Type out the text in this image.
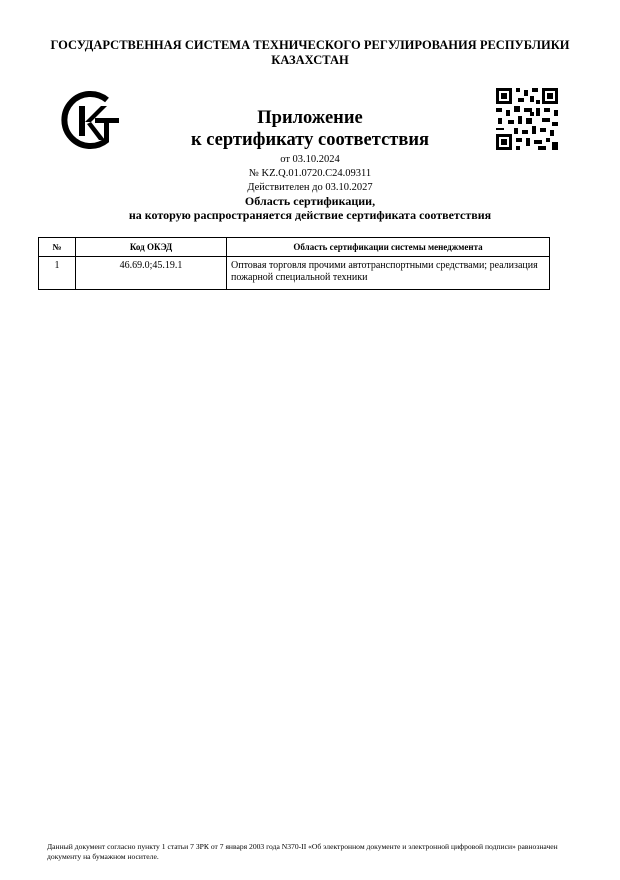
ГОСУДАРСТВЕННАЯ СИСТЕМА ТЕХНИЧЕСКОГО РЕГУЛИРОВАНИЯ РЕСПУБЛИКИ
КАЗАХСТАН
Приложение
к сертификату соответствия
от 03.10.2024
№ KZ.Q.01.0720.C24.09311
Действителен до 03.10.2027
Область сертификации,
на которую распространяется действие сертификата соответствия
№	Код ОКЭД	Область сертификации системы менеджмента
1	46.69.0;45.19.1	Оптовая торговля прочими автотранспортными средствами; реализация пожарной специальной техники
Данный документ согласно пункту 1 статьи 7 ЗРК от 7 января 2003 года N370-II «Об электронном документе и электронной цифровой подписи» равнозначен документу на бумажном носителе.
